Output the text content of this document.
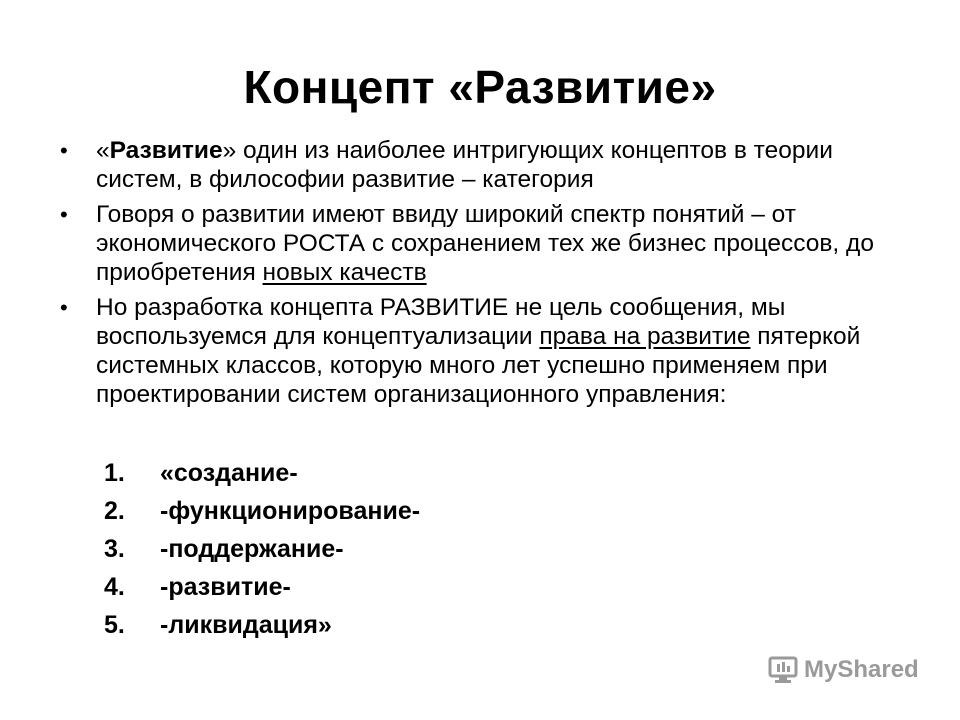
Концепт «Развитие»
• «Развитие» один из наиболее интригующих концептов в теории систем, в философии развитие – категория
• Говоря о развитии имеют ввиду широкий спектр понятий – от экономического РОСТА с сохранением тех же бизнес процессов, до приобретения новых качеств
• Но разработка концепта РАЗВИТИЕ не цель сообщения, мы воспользуемся для концептуализации права на развитие пятеркой системных классов, которую много лет успешно применяем при проектировании систем организационного управления:
1.	«создание-
2.	-функционирование-
3.	-поддержание-
4.	-развитие-
5.	-ликвидация»
MyShared
